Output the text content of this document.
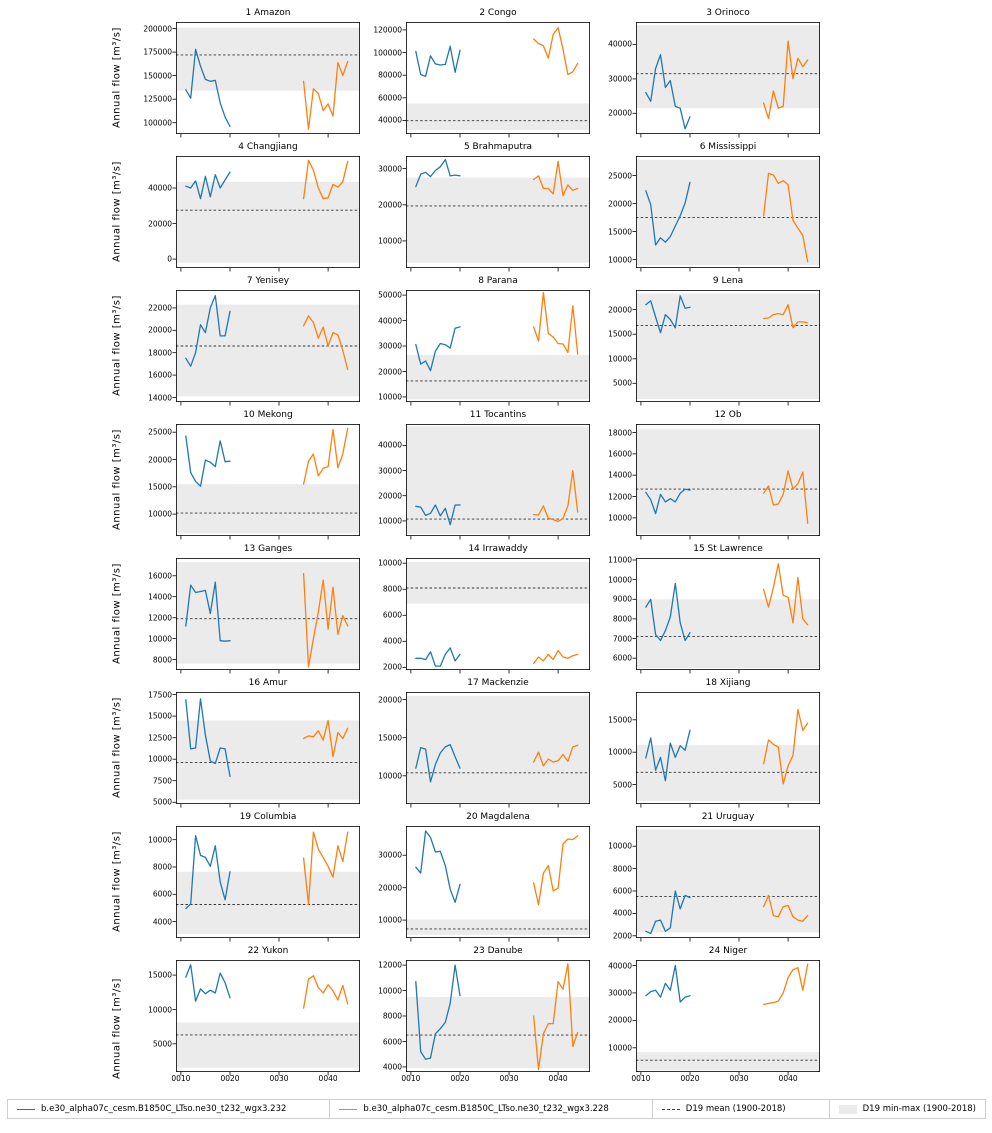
Annual flow [m³/s]
1 Amazon
100000
125000
150000
175000
200000
2 Congo
40000
60000
80000
100000
120000
3 Orinoco
20000
30000
40000
Annual flow [m³/s]
4 Changjiang
0
20000
40000
5 Brahmaputra
10000
20000
30000
6 Mississippi
10000
15000
20000
25000
Annual flow [m³/s]
7 Yenisey
14000
16000
18000
20000
22000
8 Parana
10000
20000
30000
40000
50000
9 Lena
5000
10000
15000
20000
Annual flow [m³/s]
10 Mekong
10000
15000
20000
25000
11 Tocantins
10000
20000
30000
40000
12 Ob
10000
12000
14000
16000
18000
Annual flow [m³/s]
13 Ganges
8000
10000
12000
14000
16000
14 Irrawaddy
2000
4000
6000
8000
10000
15 St Lawrence
6000
7000
8000
9000
10000
11000
Annual flow [m³/s]
16 Amur
5000
7500
10000
12500
15000
17500
17 Mackenzie
10000
15000
20000
18 Xijiang
5000
10000
15000
Annual flow [m³/s]
19 Columbia
4000
6000
8000
10000
20 Magdalena
10000
20000
30000
21 Uruguay
2000
4000
6000
8000
10000
Annual flow [m³/s]
22 Yukon
5000
10000
15000
0010	0020	0030	0040
23 Danube
4000
6000
8000
10000
12000
0010	0020	0030	0040
24 Niger
10000
20000
30000
40000
0010	0020	0030	0040
b.e30_alpha07c_cesm.B1850C_LTso.ne30_t232_wgx3.232	b.e30_alpha07c_cesm.B1850C_LTso.ne30_t232_wgx3.228	D19 mean (1900-2018)	D19 min-max (1900-2018)
